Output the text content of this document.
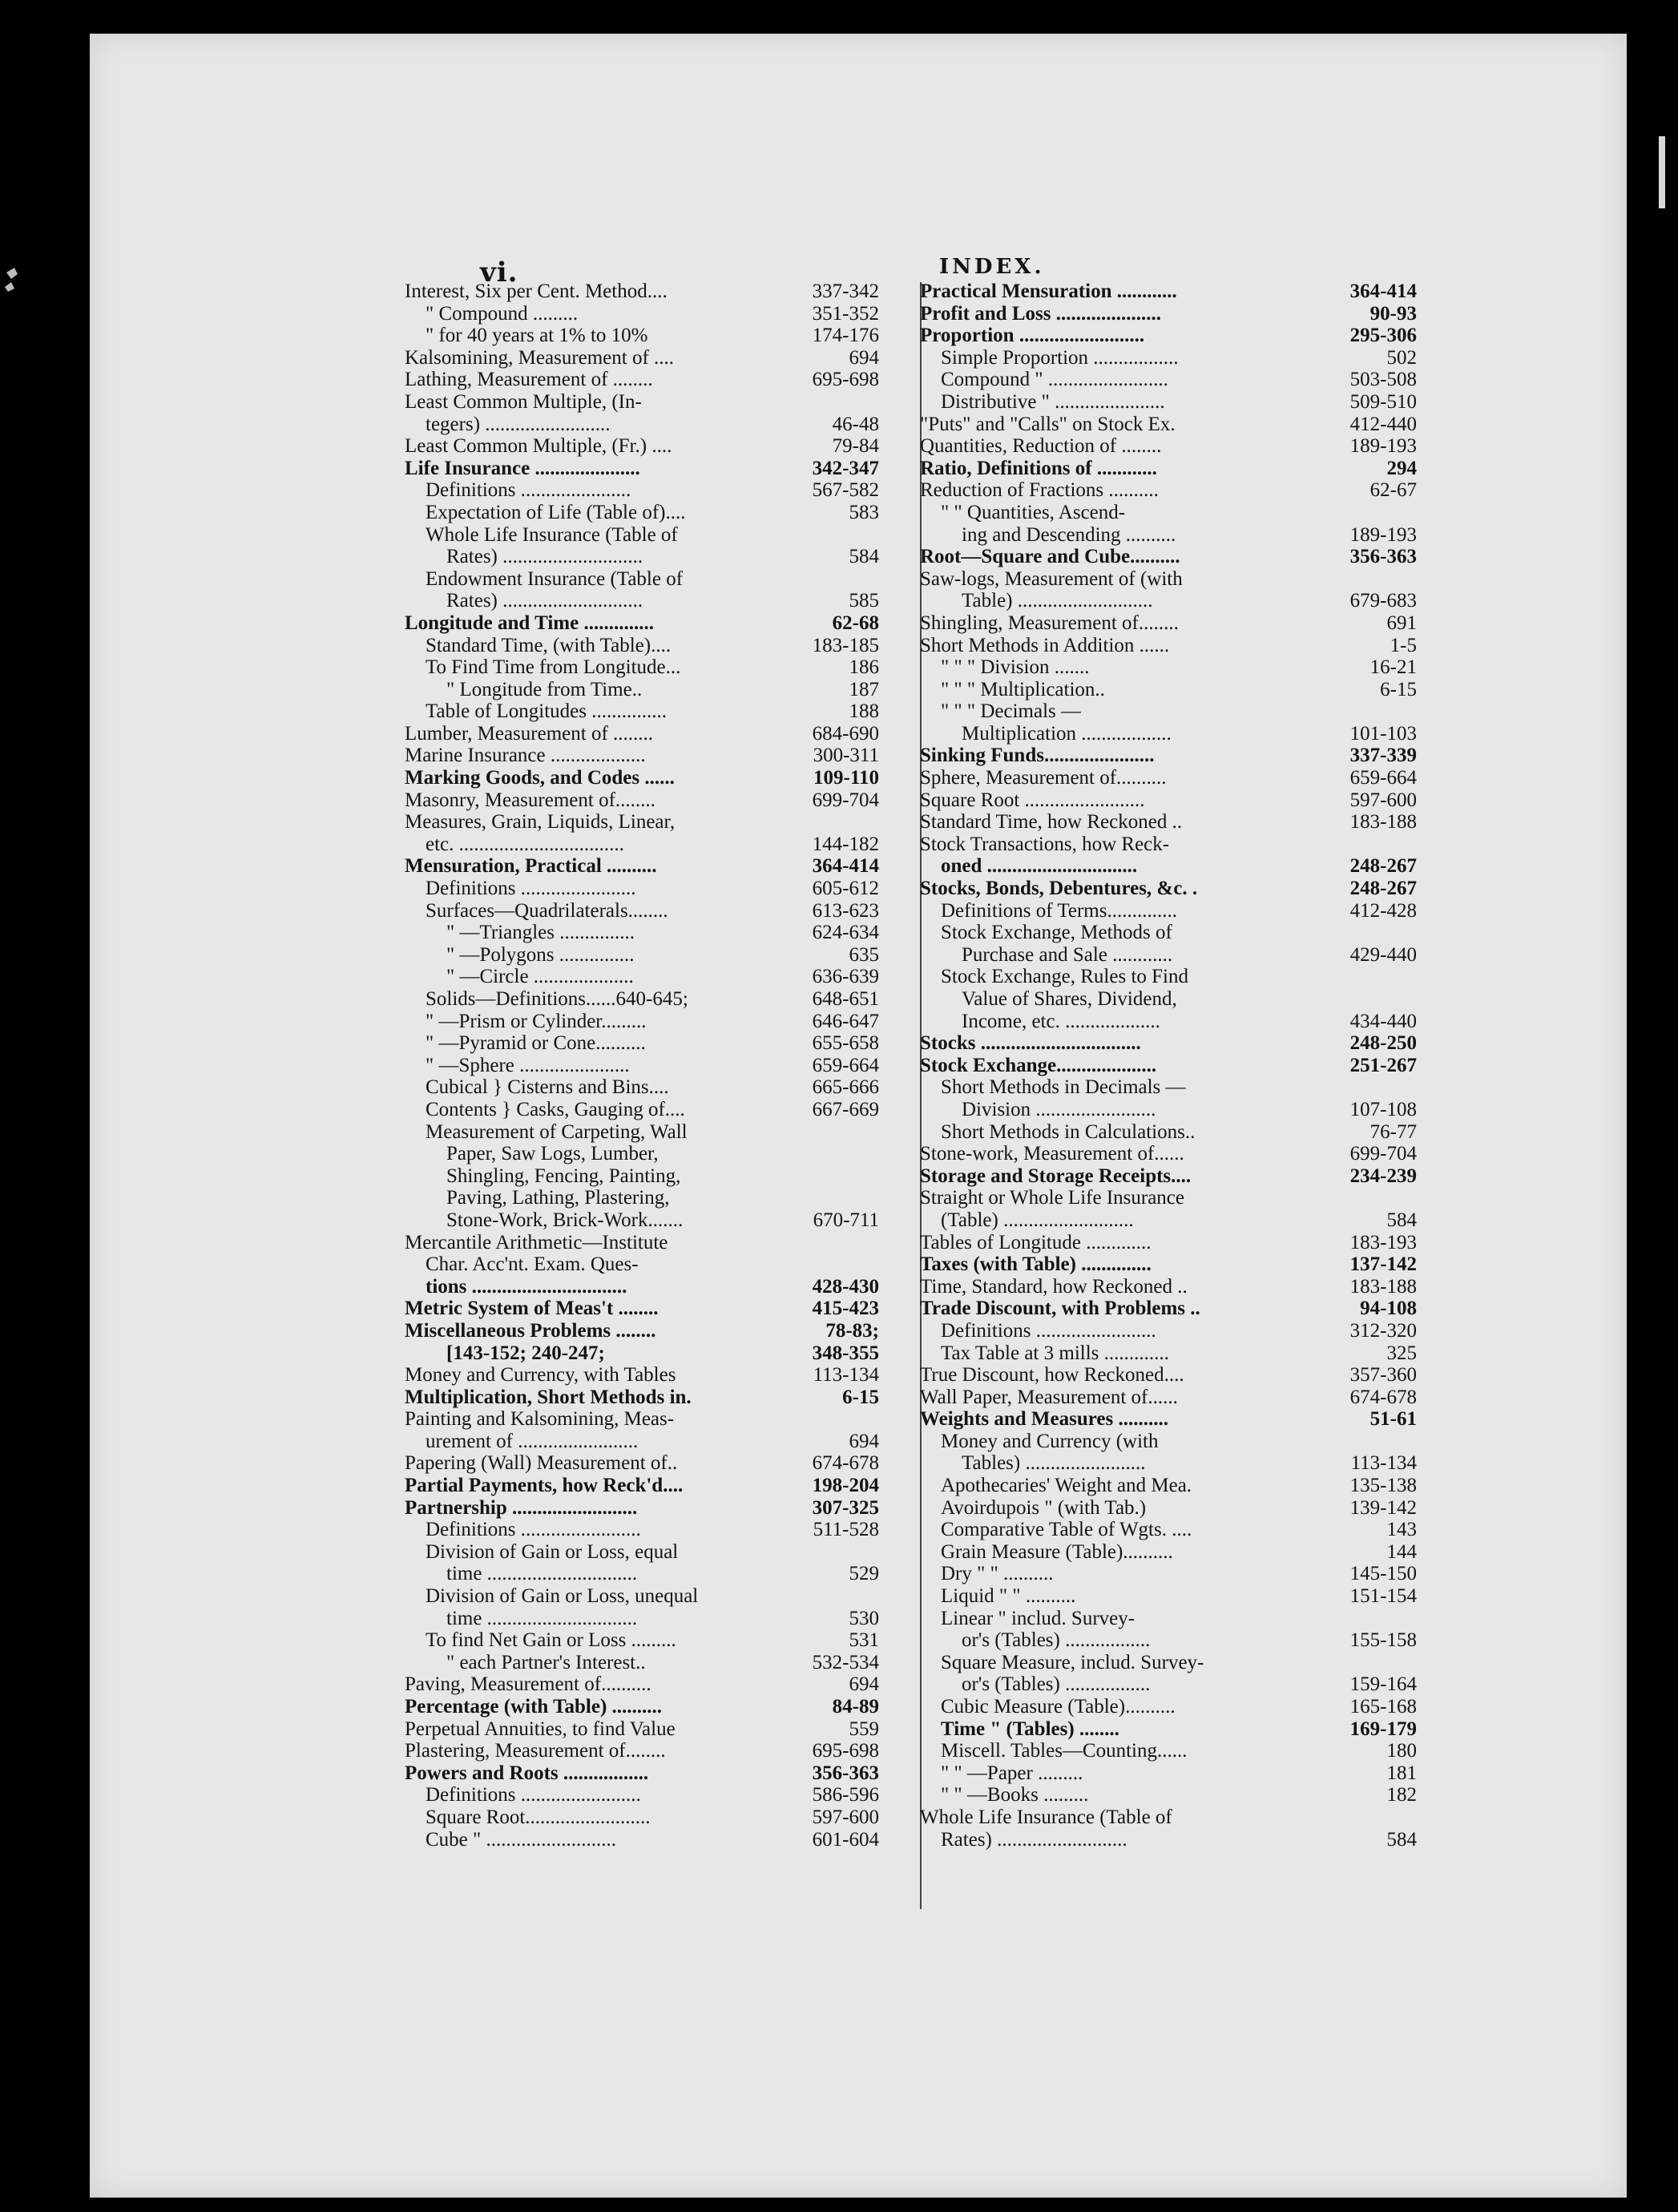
vi.	INDEX.
Interest, Six per Cent. Method....	337-342
" Compound .........	351-352
" for 40 years at 1% to 10%	174-176
Kalsomining, Measurement of ....	694
Lathing, Measurement of ........	695-698
Least Common Multiple, (In-
tegers) .........................	46-48
Least Common Multiple, (Fr.) ....	79-84
Life Insurance .....................	342-347
Definitions ......................	567-582
Expectation of Life (Table of)....	583
Whole Life Insurance (Table of
Rates) ............................	584
Endowment Insurance (Table of
Rates) ............................	585
Longitude and Time ..............	62-68
Standard Time, (with Table)....	183-185
To Find Time from Longitude...	186
" Longitude from Time..	187
Table of Longitudes ...............	188
Lumber, Measurement of ........	684-690
Marine Insurance ...................	300-311
Marking Goods, and Codes ......	109-110
Masonry, Measurement of........	699-704
Measures, Grain, Liquids, Linear,
etc. .................................	144-182
Mensuration, Practical ..........	364-414
Definitions .......................	605-612
Surfaces—Quadrilaterals........	613-623
" —Triangles ...............	624-634
" —Polygons ...............	635
" —Circle ....................	636-639
Solids—Definitions......640-645;	648-651
" —Prism or Cylinder.........	646-647
" —Pyramid or Cone..........	655-658
" —Sphere ......................	659-664
Cubical } Cisterns and Bins....	665-666
Contents } Casks, Gauging of....	667-669
Measurement of Carpeting, Wall
Paper, Saw Logs, Lumber,
Shingling, Fencing, Painting,
Paving, Lathing, Plastering,
Stone-Work, Brick-Work.......	670-711
Mercantile Arithmetic—Institute
Char. Acc'nt. Exam. Ques-
tions ...............................	428-430
Metric System of Meas't ........	415-423
Miscellaneous Problems ........	78-83;
[143-152; 240-247;	348-355
Money and Currency, with Tables	113-134
Multiplication, Short Methods in.	6-15
Painting and Kalsomining, Meas-
urement of ........................	694
Papering (Wall) Measurement of..	674-678
Partial Payments, how Reck'd....	198-204
Partnership .........................	307-325
Definitions ........................	511-528
Division of Gain or Loss, equal
time ..............................	529
Division of Gain or Loss, unequal
time ..............................	530
To find Net Gain or Loss .........	531
" each Partner's Interest..	532-534
Paving, Measurement of..........	694
Percentage (with Table) ..........	84-89
Perpetual Annuities, to find Value	559
Plastering, Measurement of........	695-698
Powers and Roots .................	356-363
Definitions ........................	586-596
Square Root.........................	597-600
Cube " ..........................	601-604
Practical Mensuration ............	364-414
Profit and Loss .....................	90-93
Proportion .........................	295-306
Simple Proportion .................	502
Compound " ........................	503-508
Distributive " ......................	509-510
"Puts" and "Calls" on Stock Ex.	412-440
Quantities, Reduction of ........	189-193
Ratio, Definitions of ............	294
Reduction of Fractions ..........	62-67
" " Quantities, Ascend-
ing and Descending ..........	189-193
Root—Square and Cube..........	356-363
Saw-logs, Measurement of (with
Table) ...........................	679-683
Shingling, Measurement of........	691
Short Methods in Addition ......	1-5
" " " Division .......	16-21
" " " Multiplication..	6-15
" " " Decimals —
Multiplication ..................	101-103
Sinking Funds......................	337-339
Sphere, Measurement of..........	659-664
Square Root ........................	597-600
Standard Time, how Reckoned ..	183-188
Stock Transactions, how Reck-
oned ..............................	248-267
Stocks, Bonds, Debentures, &c. .	248-267
Definitions of Terms..............	412-428
Stock Exchange, Methods of
Purchase and Sale ............	429-440
Stock Exchange, Rules to Find
Value of Shares, Dividend,
Income, etc. ...................	434-440
Stocks ................................	248-250
Stock Exchange....................	251-267
Short Methods in Decimals —
Division ........................	107-108
Short Methods in Calculations..	76-77
Stone-work, Measurement of......	699-704
Storage and Storage Receipts....	234-239
Straight or Whole Life Insurance
(Table) ..........................	584
Tables of Longitude .............	183-193
Taxes (with Table) ..............	137-142
Time, Standard, how Reckoned ..	183-188
Trade Discount, with Problems ..	94-108
Definitions ........................	312-320
Tax Table at 3 mills .............	325
True Discount, how Reckoned....	357-360
Wall Paper, Measurement of......	674-678
Weights and Measures ..........	51-61
Money and Currency (with
Tables) ........................	113-134
Apothecaries' Weight and Mea.	135-138
Avoirdupois " (with Tab.)	139-142
Comparative Table of Wgts. ....	143
Grain Measure (Table)..........	144
Dry " " ..........	145-150
Liquid " " ..........	151-154
Linear " includ. Survey-
or's (Tables) .................	155-158
Square Measure, includ. Survey-
or's (Tables) .................	159-164
Cubic Measure (Table)..........	165-168
Time " (Tables) ........	169-179
Miscell. Tables—Counting......	180
" " —Paper .........	181
" " —Books .........	182
Whole Life Insurance (Table of
Rates) ..........................	584
